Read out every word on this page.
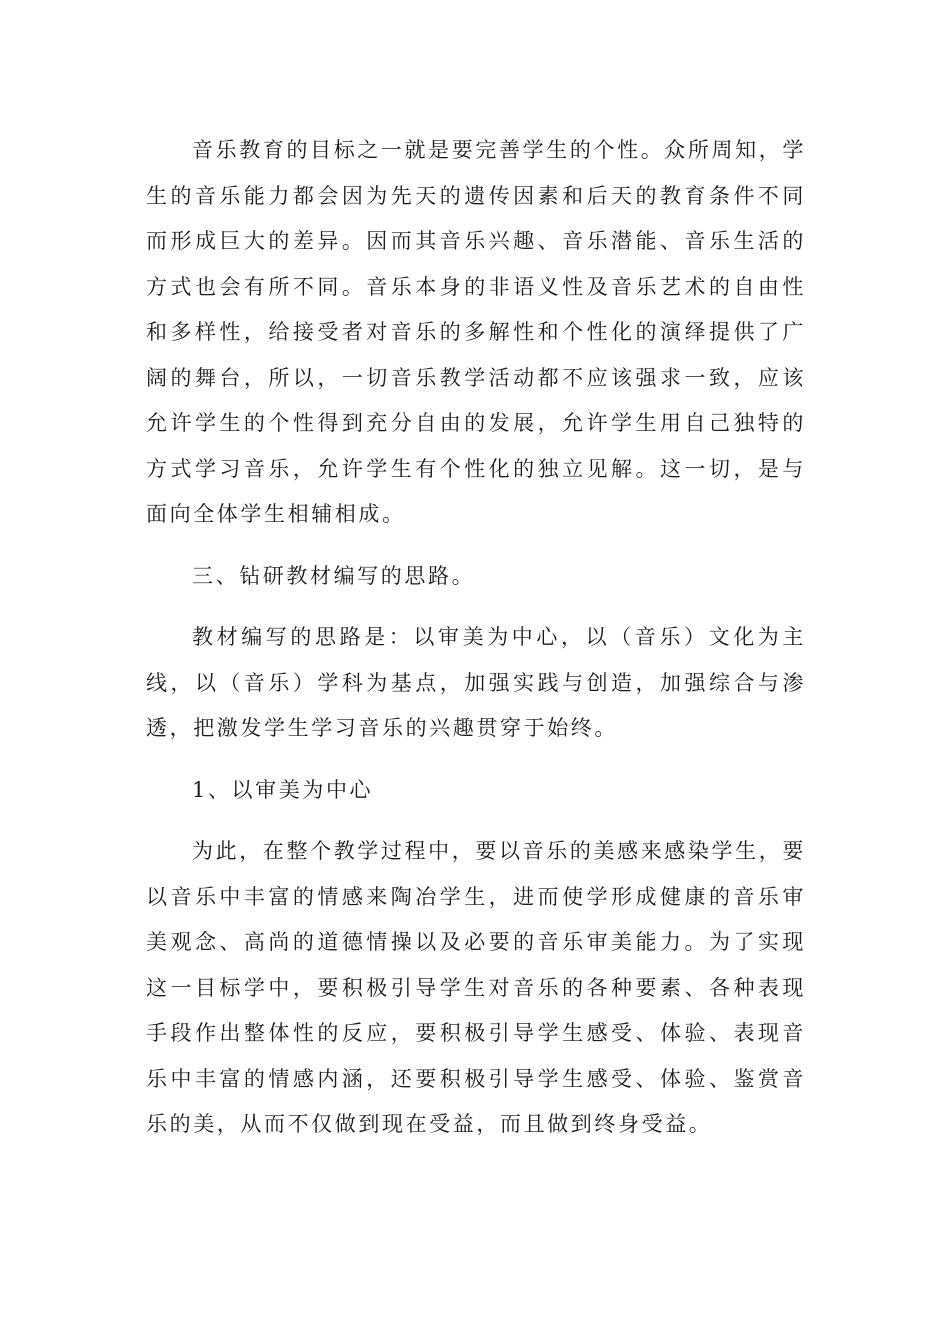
音乐教育的目标之一就是要完善学生的个性。众所周知，学生的音乐能力都会因为先天的遗传因素和后天的教育条件不同而形成巨大的差异。因而其音乐兴趣、音乐潜能、音乐生活的方式也会有所不同。音乐本身的非语义性及音乐艺术的自由性和多样性，给接受者对音乐的多解性和个性化的演绎提供了广阔的舞台，所以，一切音乐教学活动都不应该强求一致，应该允许学生的个性得到充分自由的发展，允许学生用自己独特的方式学习音乐，允许学生有个性化的独立见解。这一切，是与面向全体学生相辅相成。

三、钻研教材编写的思路。

教材编写的思路是：以审美为中心，以（音乐）文化为主线，以（音乐）学科为基点，加强实践与创造，加强综合与渗透，把激发学生学习音乐的兴趣贯穿于始终。

1、以审美为中心

为此，在整个教学过程中，要以音乐的美感来感染学生，要以音乐中丰富的情感来陶冶学生，进而使学形成健康的音乐审美观念、高尚的道德情操以及必要的音乐审美能力。为了实现这一目标学中，要积极引导学生对音乐的各种要素、各种表现手段作出整体性的反应，要积极引导学生感受、体验、表现音乐中丰富的情感内涵，还要积极引导学生感受、体验、鉴赏音乐的美，从而不仅做到现在受益，而且做到终身受益。
